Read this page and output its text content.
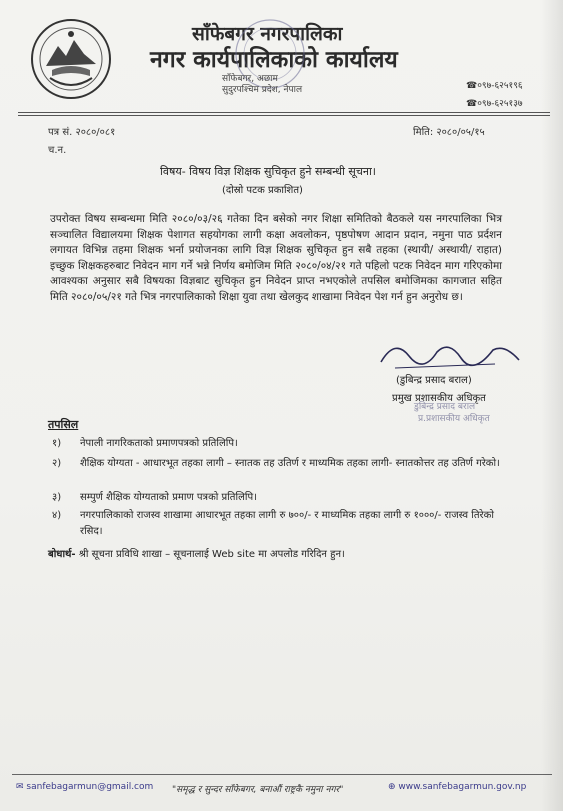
साँफेबगर नगरपालिका
नगर कार्यपालिकाको कार्यालय
साँफेबगर, अछाम
सुदुरपश्चिम प्रदेश, नेपाल	☎०९७-६२५१९६
☎०९७-६२५१३७
पत्र सं. २०८०/०८१	मिति: २०८०/०५/१५
च.न.
विषय- विषय विज्ञ शिक्षक सुचिकृत हुने सम्बन्धी सूचना।
(दोस्रो पटक प्रकाशित)
उपरोक्त विषय सम्बन्धमा मिति २०८०/०३/२६ गतेका दिन बसेको नगर शिक्षा समितिको बैठकले यस नगरपालिका भित्र सञ्चालित विद्यालयमा शिक्षक पेशागत सहयोगका लागी कक्षा अवलोकन, पृष्ठपोषण आदान प्रदान, नमुना पाठ प्रर्दशन लगायत विभिन्न तहमा शिक्षक भर्ना प्रयोजनका लागि विज्ञ शिक्षक सुचिकृत हुन सबै तहका (स्थायी/ अस्थायी/ राहात) इच्छुक शिक्षकहरुबाट निवेदन माग गर्ने भन्ने निर्णय बमोजिम मिति २०८०/०४/२१ गते पहिलो पटक निवेदन माग गरिएकोमा आवश्यका अनुसार सबै विषयका विज्ञबाट सुचिकृत हुन निवेदन प्राप्त नभएकोले तपसिल बमोजिमका कागजात सहित मिति २०८०/०५/२१ गते भित्र नगरपालिकाको शिक्षा युवा तथा खेलकुद शाखामा निवेदन पेश गर्न हुन अनुरोध छ।
(डुबिन्द्र प्रसाद बराल)
प्रमुख प्रशासकीय अधिकृत
डुबिन्द्र प्रसाद बराल
प्र.प्रशासकीय अधिकृत
तपसिल
१)	नेपाली नागरिकताको प्रमाणपत्रको प्रतिलिपि।
२)	शैक्षिक योग्यता - आधारभूत तहका लागी – स्नातक तह उतिर्ण र माध्यमिक तहका लागी- स्नातकोत्तर तह उतिर्ण गरेको।
३)	सम्पुर्ण शैक्षिक योग्यताको प्रमाण पत्रको प्रतिलिपि।
४)	नगरपालिकाको राजस्व शाखामा आधारभूत तहका लागी रु ७००/- र माध्यमिक तहका लागी रु १०००/- राजस्व तिरेको रसिद।
बोधार्थ- श्री सूचना प्रविधि शाखा – सूचनालाई Web site मा अपलोड गरिदिन हुन।
✉ sanfebagarmun@gmail.com "समृद्ध र सुन्दर साँफेबगर, बनाऔं राष्ट्रकै नमुना नगर"	⊕ www.sanfebagarmun.gov.np
